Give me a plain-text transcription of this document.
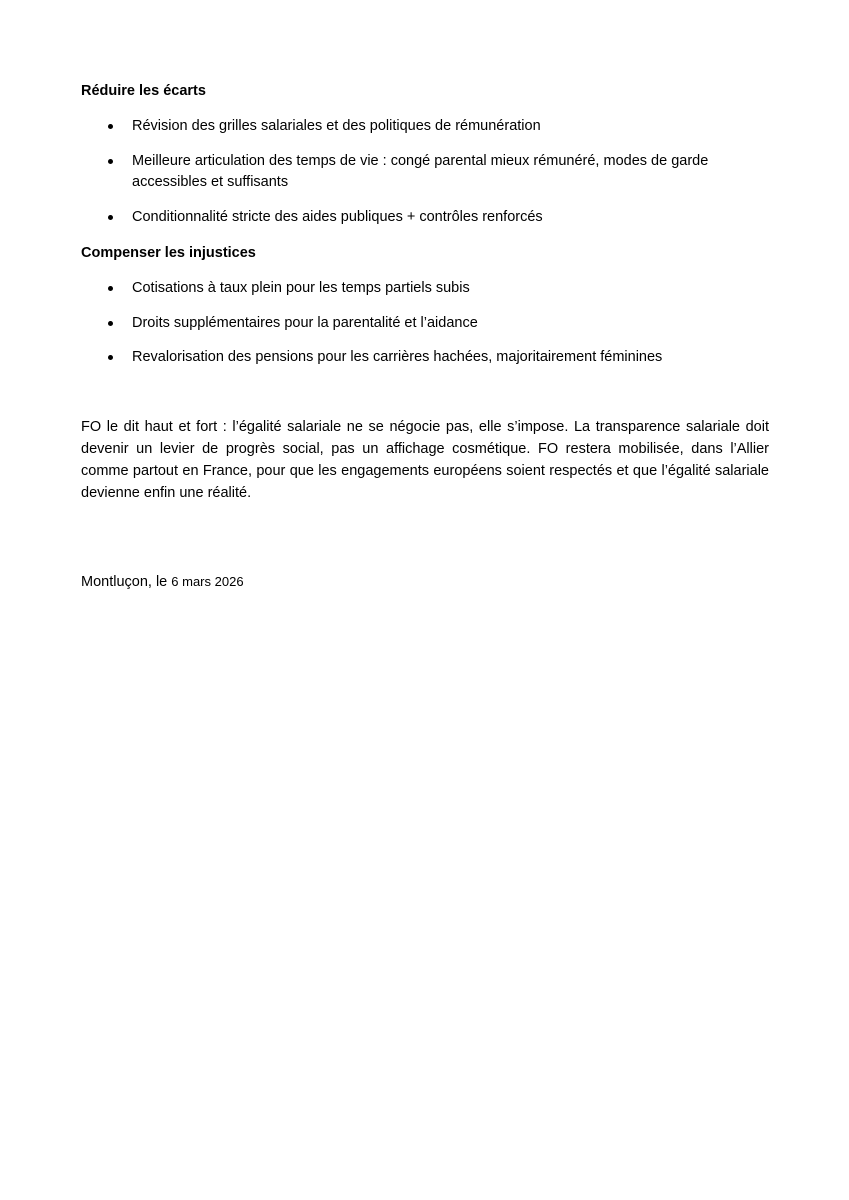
Réduire les écarts
Révision des grilles salariales et des politiques de rémunération
Meilleure articulation des temps de vie : congé parental mieux rémunéré, modes de garde accessibles et suffisants
Conditionnalité stricte des aides publiques + contrôles renforcés
Compenser les injustices
Cotisations à taux plein pour les temps partiels subis
Droits supplémentaires pour la parentalité et l’aidance
Revalorisation des pensions pour les carrières hachées, majoritairement féminines

FO le dit haut et fort : l’égalité salariale ne se négocie pas, elle s’impose. La transparence salariale doit devenir un levier de progrès social, pas un affichage cosmétique. FO restera mobilisée, dans l’Allier comme partout en France, pour que les engagements européens soient respectés et que l’égalité salariale devienne enfin une réalité.

Montluçon, le 6 mars 2026
